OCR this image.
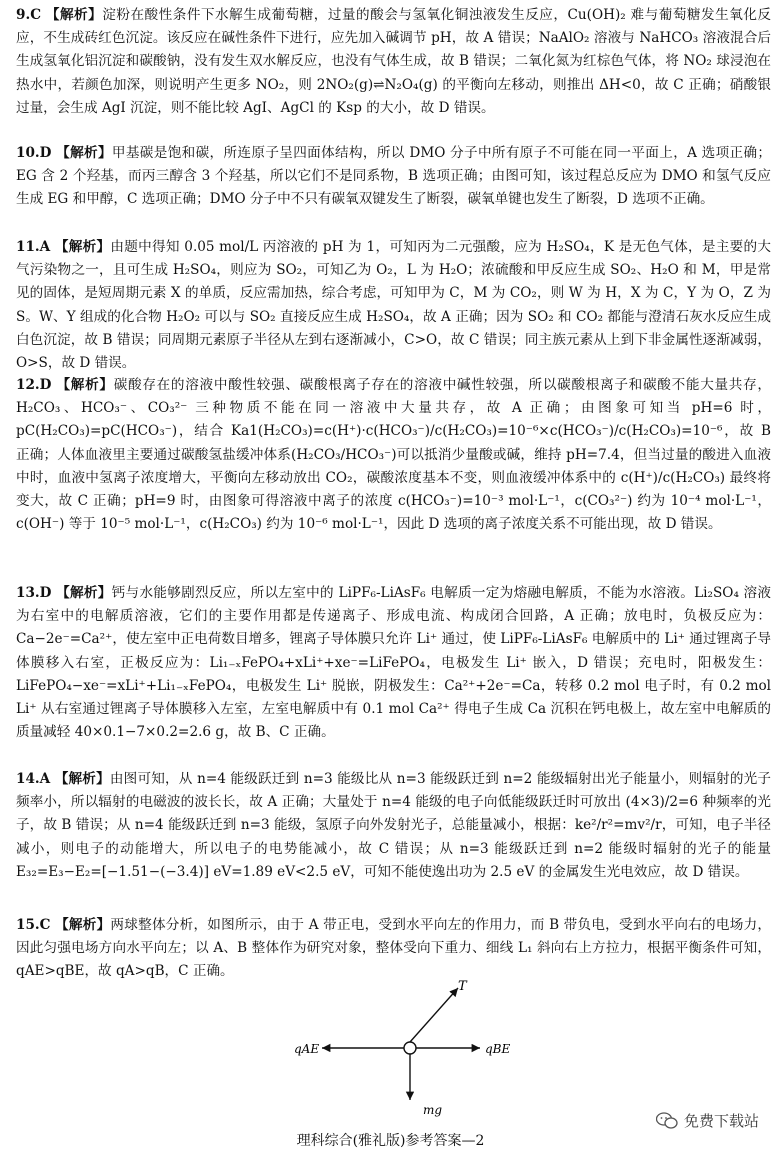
9.C 【解析】淀粉在酸性条件下水解生成葡萄糖，过量的酸会与氢氧化铜浊液发生反应，Cu(OH)₂ 难与葡萄糖发生氧化反应，不生成砖红色沉淀。该反应在碱性条件下进行，应先加入碱调节 pH，故 A 错误；NaAlO₂ 溶液与 NaHCO₃ 溶液混合后生成氢氧化铝沉淀和碳酸钠，没有发生双水解反应，也没有气体生成，故 B 错误；二氧化氮为红棕色气体，将 NO₂ 球浸泡在热水中，若颜色加深，则说明产生更多 NO₂，则 2NO₂(g)⇌N₂O₄(g) 的平衡向左移动，则推出 ΔH<0，故 C 正确；硝酸银过量，会生成 AgI 沉淀，则不能比较 AgI、AgCl 的 Ksp 的大小，故 D 错误。

10.D 【解析】甲基碳是饱和碳，所连原子呈四面体结构，所以 DMO 分子中所有原子不可能在同一平面上，A 选项正确；EG 含 2 个羟基，而丙三醇含 3 个羟基，所以它们不是同系物，B 选项正确；由图可知，该过程总反应为 DMO 和氢气反应生成 EG 和甲醇，C 选项正确；DMO 分子中不只有碳氧双键发生了断裂，碳氧单键也发生了断裂，D 选项不正确。

11.A 【解析】由题中得知 0.05 mol/L 丙溶液的 pH 为 1，可知丙为二元强酸，应为 H₂SO₄，K 是无色气体，是主要的大气污染物之一，且可生成 H₂SO₄，则应为 SO₂，可知乙为 O₂，L 为 H₂O；浓硫酸和甲反应生成 SO₂、H₂O 和 M，甲是常见的固体，是短周期元素 X 的单质，反应需加热，综合考虑，可知甲为 C，M 为 CO₂，则 W 为 H，X 为 C，Y 为 O，Z 为 S。W、Y 组成的化合物 H₂O₂ 可以与 SO₂ 直接反应生成 H₂SO₄，故 A 正确；因为 SO₂ 和 CO₂ 都能与澄清石灰水反应生成白色沉淀，故 B 错误；同周期元素原子半径从左到右逐渐减小，C>O，故 C 错误；同主族元素从上到下非金属性逐渐减弱，O>S，故 D 错误。

12.D 【解析】碳酸存在的溶液中酸性较强、碳酸根离子存在的溶液中碱性较强，所以碳酸根离子和碳酸不能大量共存，H₂CO₃、HCO₃⁻、CO₃²⁻ 三种物质不能在同一溶液中大量共存，故 A 正确；由图象可知当 pH=6 时，pC(H₂CO₃)=pC(HCO₃⁻)，结合 Ka1(H₂CO₃)=c(H⁺)·c(HCO₃⁻)/c(H₂CO₃)=10⁻⁶×c(HCO₃⁻)/c(H₂CO₃)=10⁻⁶，故 B 正确；人体血液里主要通过碳酸氢盐缓冲体系(H₂CO₃/HCO₃⁻)可以抵消少量酸或碱，维持 pH=7.4，但当过量的酸进入血液中时，血液中氢离子浓度增大，平衡向左移动放出 CO₂，碳酸浓度基本不变，则血液缓冲体系中的 c(H⁺)/c(H₂CO₃) 最终将变大，故 C 正确；pH=9 时，由图象可得溶液中离子的浓度 c(HCO₃⁻)=10⁻³ mol·L⁻¹，c(CO₃²⁻) 约为 10⁻⁴ mol·L⁻¹，c(OH⁻) 等于 10⁻⁵ mol·L⁻¹，c(H₂CO₃) 约为 10⁻⁶ mol·L⁻¹，因此 D 选项的离子浓度关系不可能出现，故 D 错误。

13.D 【解析】钙与水能够剧烈反应，所以左室中的 LiPF₆-LiAsF₆ 电解质一定为熔融电解质，不能为水溶液。Li₂SO₄ 溶液为右室中的电解质溶液，它们的主要作用都是传递离子、形成电流、构成闭合回路，A 正确；放电时，负极反应为：Ca−2e⁻=Ca²⁺，使左室中正电荷数目增多，锂离子导体膜只允许 Li⁺ 通过，使 LiPF₆-LiAsF₆ 电解质中的 Li⁺ 通过锂离子导体膜移入右室，正极反应为：Li₁₋ₓFePO₄+xLi⁺+xe⁻=LiFePO₄，电极发生 Li⁺ 嵌入，D 错误；充电时，阳极发生：LiFePO₄−xe⁻=xLi⁺+Li₁₋ₓFePO₄，电极发生 Li⁺ 脱嵌，阴极发生：Ca²⁺+2e⁻=Ca，转移 0.2 mol 电子时，有 0.2 mol Li⁺ 从右室通过锂离子导体膜移入左室，左室电解质中有 0.1 mol Ca²⁺ 得电子生成 Ca 沉积在钙电极上，故左室中电解质的质量减轻 40×0.1−7×0.2=2.6 g，故 B、C 正确。

14.A 【解析】由图可知，从 n=4 能级跃迁到 n=3 能级比从 n=3 能级跃迁到 n=2 能级辐射出光子能量小，则辐射的光子频率小，所以辐射的电磁波的波长长，故 A 正确；大量处于 n=4 能级的电子向低能级跃迁时可放出 (4×3)/2=6 种频率的光子，故 B 错误；从 n=4 能级跃迁到 n=3 能级，氢原子向外发射光子，总能量减小，根据：ke²/r²=mv²/r，可知，电子半径减小，则电子的动能增大，所以电子的电势能减小，故 C 错误；从 n=3 能级跃迁到 n=2 能级时辐射的光子的能量 E₃₂=E₃−E₂=[−1.51−(−3.4)] eV=1.89 eV<2.5 eV，可知不能使逸出功为 2.5 eV 的金属发生光电效应，故 D 错误。

15.C 【解析】两球整体分析，如图所示，由于 A 带正电，受到水平向左的作用力，而 B 带负电，受到水平向右的电场力，因此匀强电场方向水平向左；以 A、B 整体作为研究对象，整体受向下重力、细线 L₁ 斜向右上方拉力，根据平衡条件可知，qAE>qBE，故 qA>qB，C 正确。

T
qAE	qBE
mg
理科综合(雅礼版)参考答案—2
免费下载站
